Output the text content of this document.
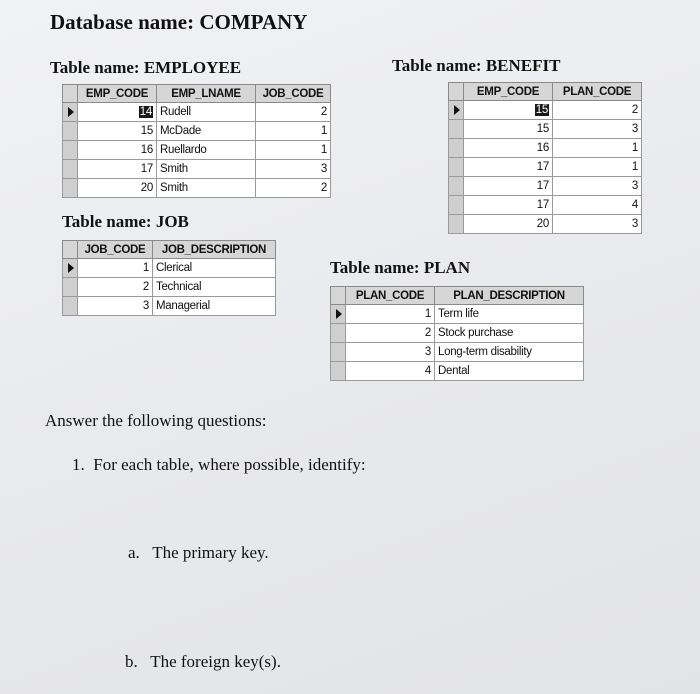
Database name: COMPANY
Table name: EMPLOYEE
	EMP_CODE	EMP_LNAME	JOB_CODE

	14	Rudell	2
	15	McDade	1
	16	Ruellardo	1
	17	Smith	3
	20	Smith	2
Table name: BENEFIT
	EMP_CODE	PLAN_CODE

	15	2
	15	3
	16	1
	17	1
	17	3
	17	4
	20	3
Table name: JOB
	JOB_CODE	JOB_DESCRIPTION

	1	Clerical
	2	Technical
	3	Managerial
Table name: PLAN
	PLAN_CODE	PLAN_DESCRIPTION

	1	Term life
	2	Stock purchase
	3	Long-term disability
	4	Dental
Answer the following questions:
1.  For each table, where possible, identify:
a.   The primary key.
b.   The foreign key(s).
